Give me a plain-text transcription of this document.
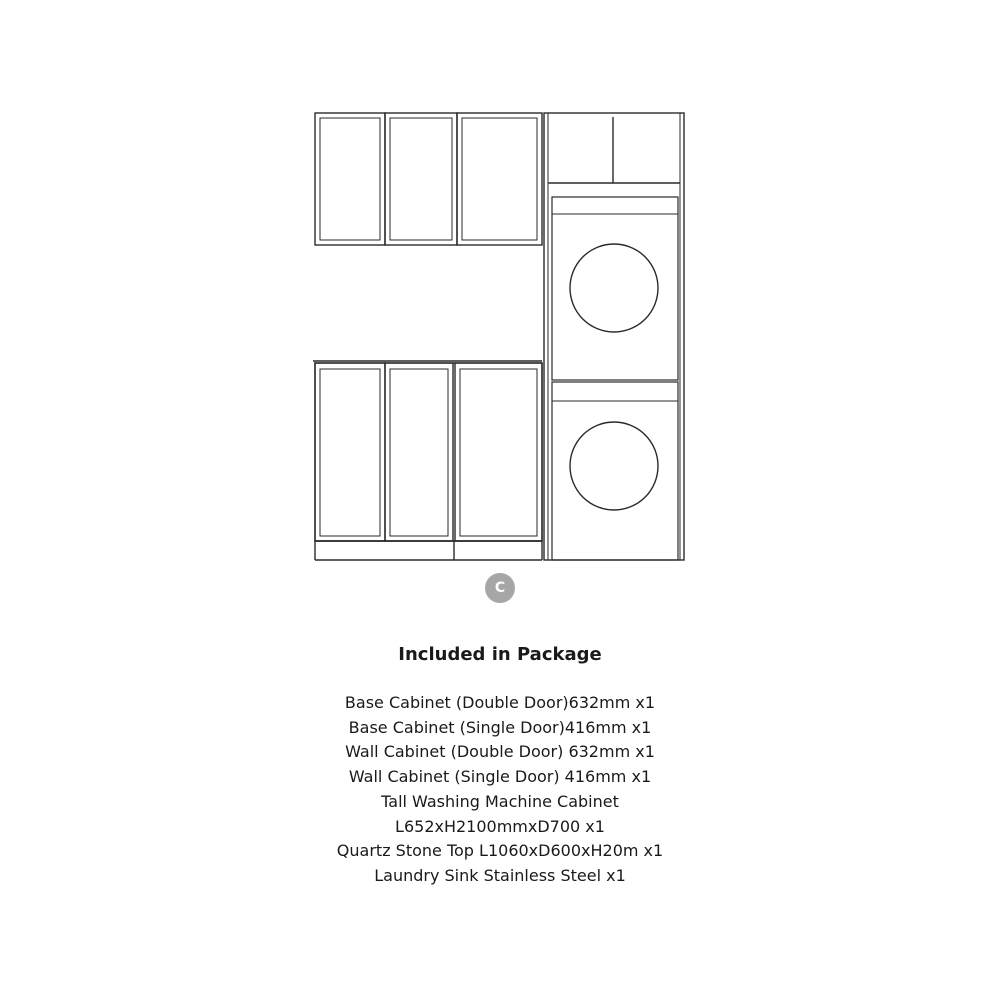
C
Included in Package
Base Cabinet (Double Door)632mm x1
Base Cabinet (Single Door)416mm x1
Wall Cabinet (Double Door) 632mm x1
Wall Cabinet (Single Door) 416mm x1
Tall Washing Machine Cabinet
L652xH2100mmxD700 x1
Quartz Stone Top L1060xD600xH20m x1
Laundry Sink Stainless Steel x1
